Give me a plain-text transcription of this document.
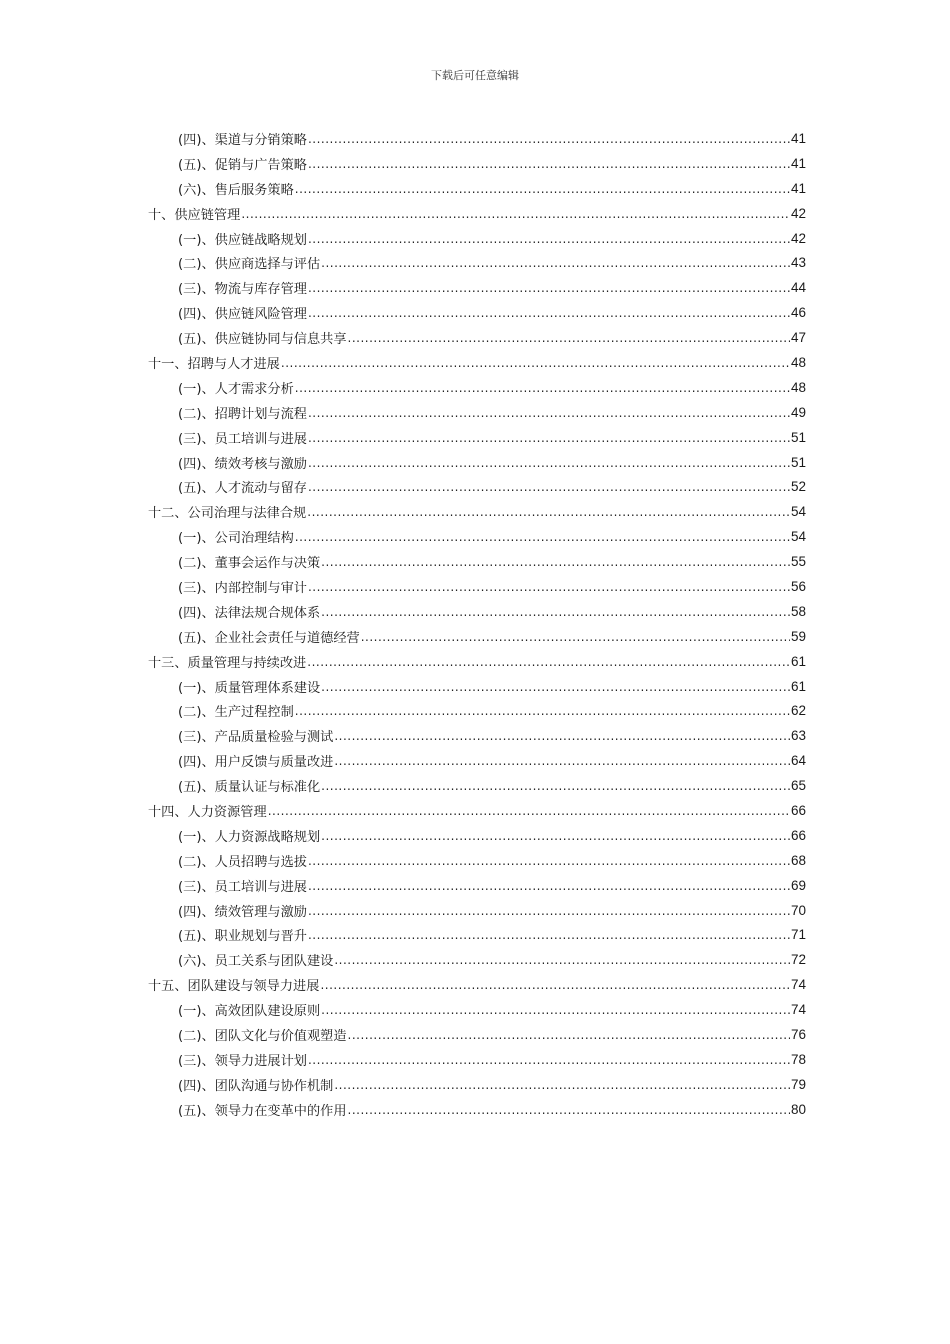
下载后可任意编辑
(四)、渠道与分销策略 .....	41
(五)、促销与广告策略 .....	41
(六)、售后服务策略 .....	41
十、供应链管理 .....	42
(一)、供应链战略规划 .....	42
(二)、供应商选择与评估 .....	43
(三)、物流与库存管理 .....	44
(四)、供应链风险管理 .....	46
(五)、供应链协同与信息共享 .....	47
十一、招聘与人才进展 .....	48
(一)、人才需求分析 .....	48
(二)、招聘计划与流程 .....	49
(三)、员工培训与进展 .....	51
(四)、绩效考核与激励 .....	51
(五)、人才流动与留存 .....	52
十二、公司治理与法律合规 .....	54
(一)、公司治理结构 .....	54
(二)、董事会运作与决策 .....	55
(三)、内部控制与审计 .....	56
(四)、法律法规合规体系 .....	58
(五)、企业社会责任与道德经营 .....	59
十三、质量管理与持续改进 .....	61
(一)、质量管理体系建设 .....	61
(二)、生产过程控制 .....	62
(三)、产品质量检验与测试 .....	63
(四)、用户反馈与质量改进 .....	64
(五)、质量认证与标准化 .....	65
十四、人力资源管理 .....	66
(一)、人力资源战略规划 .....	66
(二)、人员招聘与选拔 .....	68
(三)、员工培训与进展 .....	69
(四)、绩效管理与激励 .....	70
(五)、职业规划与晋升 .....	71
(六)、员工关系与团队建设 .....	72
十五、团队建设与领导力进展 .....	74
(一)、高效团队建设原则 .....	74
(二)、团队文化与价值观塑造 .....	76
(三)、领导力进展计划 .....	78
(四)、团队沟通与协作机制 .....	79
(五)、领导力在变革中的作用 .....	80
